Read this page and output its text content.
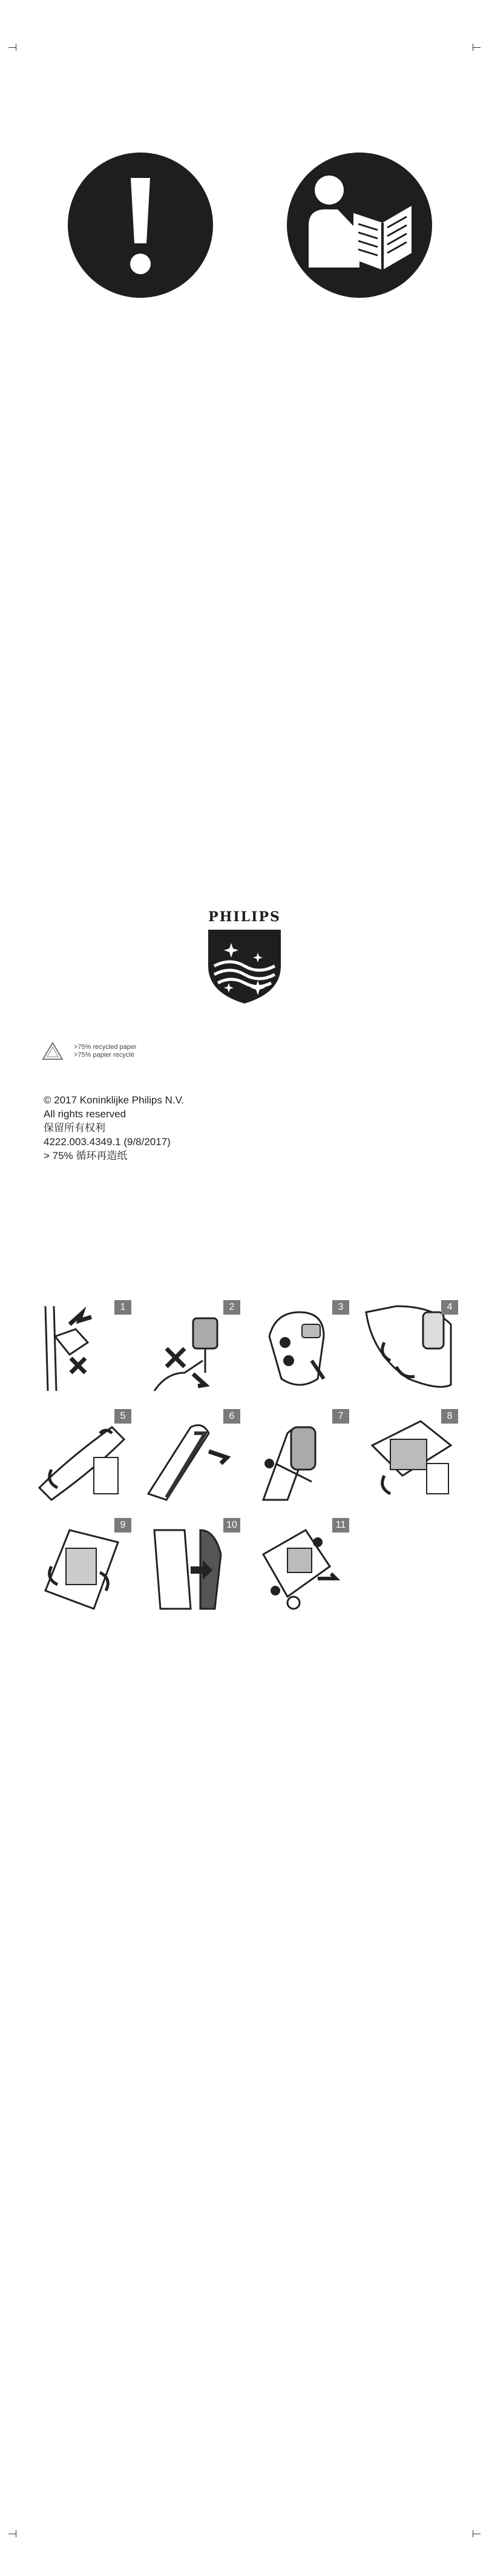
PHILIPS
>75% recycled paper
>75% papier recyclé
© 2017 Koninklijke Philips N.V.
All rights reserved
保留所有权利
4222.003.4349.1 (9/8/2017)
> 75% 循环再造纸
1	2	3	4
5	6	7	8
9	10	11
